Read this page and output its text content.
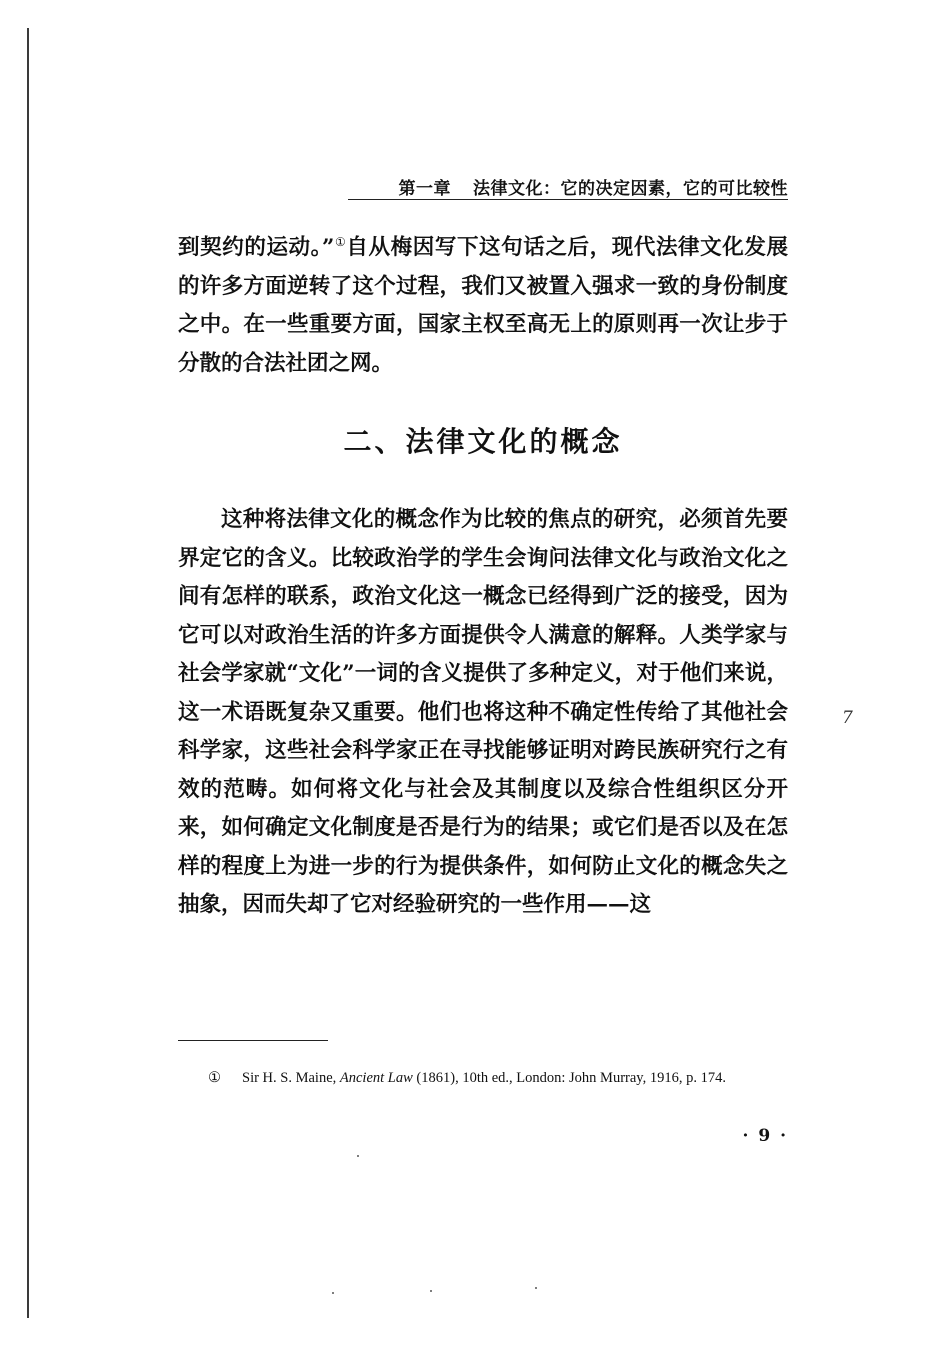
第一章 法律文化：它的决定因素，它的可比较性
到契约的运动。”①自从梅因写下这句话之后，现代法律文化发展的许多方面逆转了这个过程，我们又被置入强求一致的身份制度之中。在一些重要方面，国家主权至高无上的原则再一次让步于分散的合法社团之网。
二、法律文化的概念
这种将法律文化的概念作为比较的焦点的研究，必须首先要界定它的含义。比较政治学的学生会询问法律文化与政治文化之间有怎样的联系，政治文化这一概念已经得到广泛的接受，因为它可以对政治生活的许多方面提供令人满意的解释。人类学家与社会学家就“文化”一词的含义提供了多种定义，对于他们来说，这一术语既复杂又重要。他们也将这种不确定性传给了其他社会科学家，这些社会科学家正在寻找能够证明对跨民族研究行之有效的范畴。如何将文化与社会及其制度以及综合性组织区分开来，如何确定文化制度是否是行为的结果；或它们是否以及在怎样的程度上为进一步的行为提供条件，如何防止文化的概念失之抽象，因而失却了它对经验研究的一些作用——这
7
① Sir H. S. Maine, Ancient Law (1861), 10th ed., London: John Murray, 1916, p. 174.
· 9 ·
